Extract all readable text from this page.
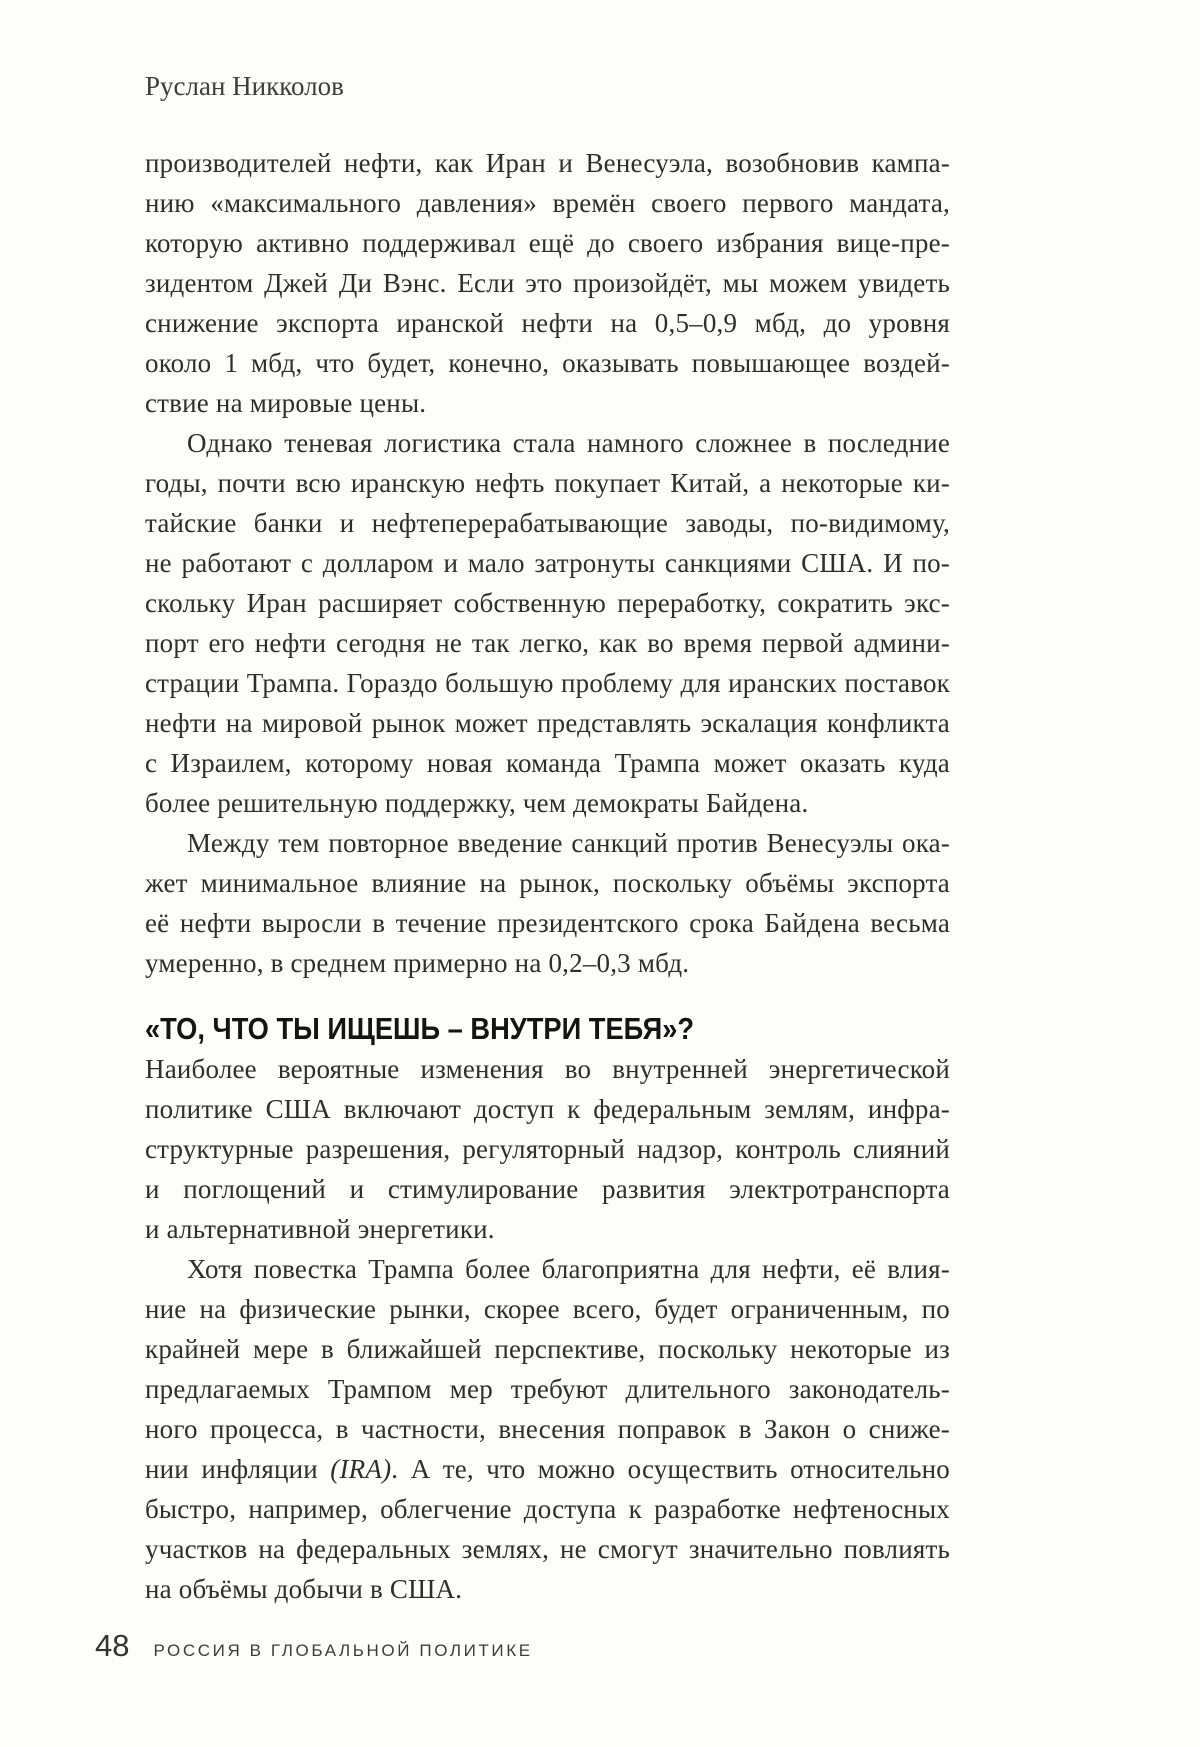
Руслан Никколов
производителей нефти, как Иран и Венесуэла, возобновив кампа-
нию «максимального давления» времён своего первого мандата,
которую активно поддерживал ещё до своего избрания вице-пре-
зидентом Джей Ди Вэнс. Если это произойдёт, мы можем увидеть
снижение экспорта иранской нефти на 0,5–0,9 мбд, до уровня
около 1 мбд, что будет, конечно, оказывать повышающее воздей-
ствие на мировые цены.
Однако теневая логистика стала намного сложнее в последние
годы, почти всю иранскую нефть покупает Китай, а некоторые ки-
тайские банки и нефтеперерабатывающие заводы, по-видимому,
не работают с долларом и мало затронуты санкциями США. И по-
скольку Иран расширяет собственную переработку, сократить экс-
порт его нефти сегодня не так легко, как во время первой админи-
страции Трампа. Гораздо большую проблему для иранских поставок
нефти на мировой рынок может представлять эскалация конфликта
с Израилем, которому новая команда Трампа может оказать куда
более решительную поддержку, чем демократы Байдена.
Между тем повторное введение санкций против Венесуэлы ока-
жет минимальное влияние на рынок, поскольку объёмы экспорта
её нефти выросли в течение президентского срока Байдена весьма
умеренно, в среднем примерно на 0,2–0,3 мбд.
«ТО, ЧТО ТЫ ИЩЕШЬ – ВНУТРИ ТЕБЯ»?
Наиболее вероятные изменения во внутренней энергетической
политике США включают доступ к федеральным землям, инфра-
структурные разрешения, регуляторный надзор, контроль слияний
и поглощений и стимулирование развития электротранспорта
и альтернативной энергетики.
Хотя повестка Трампа более благоприятна для нефти, её влия-
ние на физические рынки, скорее всего, будет ограниченным, по
крайней мере в ближайшей перспективе, поскольку некоторые из
предлагаемых Трампом мер требуют длительного законодатель-
ного процесса, в частности, внесения поправок в Закон о сниже-
нии инфляции (IRA). А те, что можно осуществить относительно
быстро, например, облегчение доступа к разработке нефтеносных
участков на федеральных землях, не смогут значительно повлиять
на объёмы добычи в США.
48 РОССИЯ В ГЛОБАЛЬНОЙ ПОЛИТИКЕ
